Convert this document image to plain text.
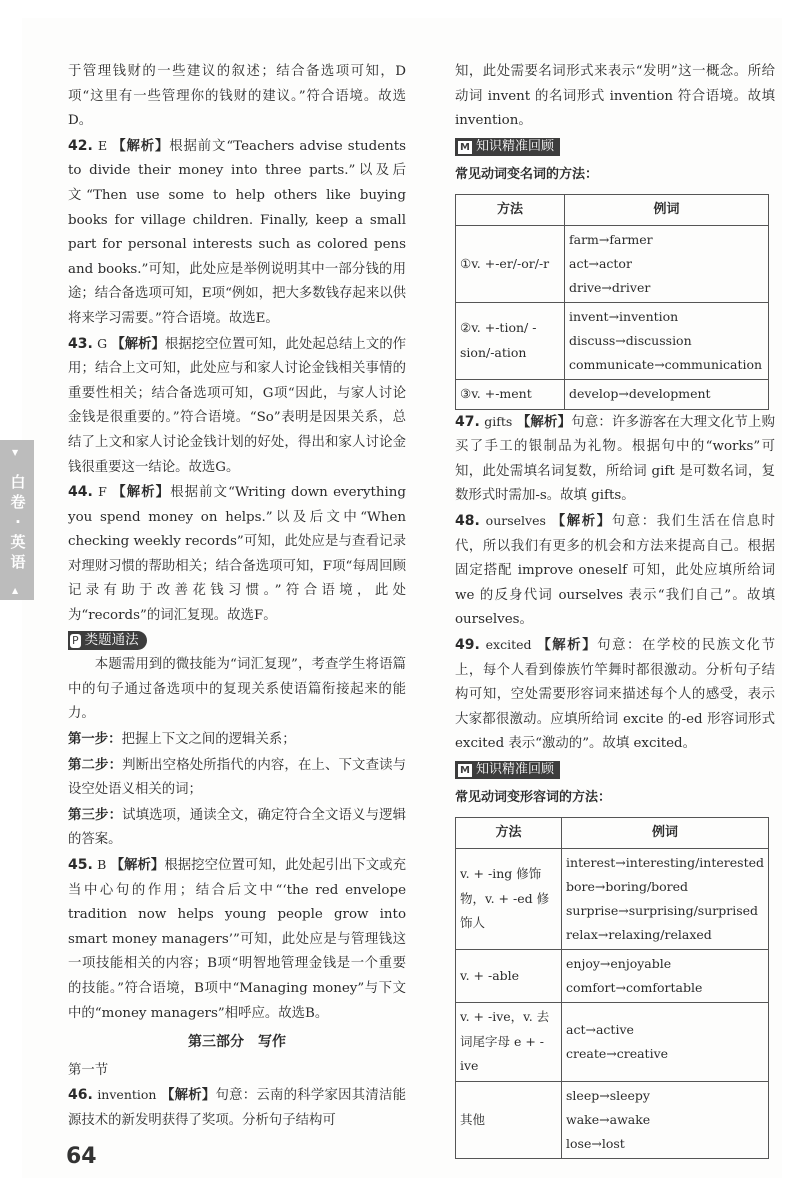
▼
▲
白卷
·
英语

于管理钱财的一些建议的叙述；结合备选项可知，D项“这里有一些管理你的钱财的建议。”符合语境。故选D。

42. E 【解析】根据前文“Teachers advise students to divide their money into three parts.”以及后文“Then use some to help others like buying books for village children. Finally, keep a small part for personal interests such as colored pens and books.”可知，此处应是举例说明其中一部分钱的用途；结合备选项可知，E项“例如，把大多数钱存起来以供将来学习需要。”符合语境。故选E。

43. G 【解析】根据挖空位置可知，此处起总结上文的作用；结合上文可知，此处应与和家人讨论金钱相关事情的重要性相关；结合备选项可知，G项“因此，与家人讨论金钱是很重要的。”符合语境。“So”表明是因果关系，总结了上文和家人讨论金钱计划的好处，得出和家人讨论金钱很重要这一结论。故选G。

44. F 【解析】根据前文“Writing down everything you spend money on helps.”以及后文中“When checking weekly records”可知，此处应是与查看记录对理财习惯的帮助相关；结合备选项可知，F项“每周回顾记录有助于改善花钱习惯。”符合语境，此处为“records”的词汇复现。故选F。

P 类题通法

本题需用到的微技能为“词汇复现”，考查学生将语篇中的句子通过备选项中的复现关系使语篇衔接起来的能力。

第一步：把握上下文之间的逻辑关系；

第二步：判断出空格处所指代的内容，在上、下文查读与设空处语义相关的词；

第三步：试填选项，通读全文，确定符合全文语义与逻辑的答案。

45. B 【解析】根据挖空位置可知，此处起引出下文或充当中心句的作用；结合后文中“‘the red envelope tradition now helps young people grow into smart money managers’”可知，此处应是与管理钱这一项技能相关的内容；B项“明智地管理金钱是一个重要的技能。”符合语境，B项中“Managing money”与下文中的“money managers”相呼应。故选B。

第三部分　写作

第一节

46. invention 【解析】句意：云南的科学家因其清洁能源技术的新发明获得了奖项。分析句子结构可

知，此处需要名词形式来表示“发明”这一概念。所给动词 invent 的名词形式 invention 符合语境。故填 invention。

M 知识精准回顾
常见动词变名词的方法：
方法	例词
①v. +-er/-or/-r	farm→farmer
act→actor
drive→driver

②v. +-tion/ -sion/-ation	invent→invention
discuss→discussion
communicate→communication

③v. +-ment	develop→development

47. gifts 【解析】句意：许多游客在大理文化节上购买了手工的银制品为礼物。根据句中的“works”可知，此处需填名词复数，所给词 gift 是可数名词，复数形式时需加-s。故填 gifts。

48. ourselves 【解析】句意：我们生活在信息时代，所以我们有更多的机会和方法来提高自己。根据固定搭配 improve oneself 可知，此处应填所给词 we 的反身代词 ourselves 表示“我们自己”。故填 ourselves。

49. excited 【解析】句意：在学校的民族文化节上，每个人看到傣族竹竿舞时都很激动。分析句子结构可知，空处需要形容词来描述每个人的感受，表示大家都很激动。应填所给词 excite 的-ed 形容词形式 excited 表示“激动的”。故填 excited。

M 知识精准回顾
常见动词变形容词的方法：
方法	例词
v. + -ing 修饰物，v. + -ed 修饰人	interest→interesting/interested
bore→boring/bored
surprise→surprising/surprised
relax→relaxing/relaxed

v. + -able	enjoy→enjoyable
comfort→comfortable

v. + -ive，v. 去词尾字母 e + -ive	act→active
create→creative

其他	sleep→sleepy
wake→awake
lose→lost
64
